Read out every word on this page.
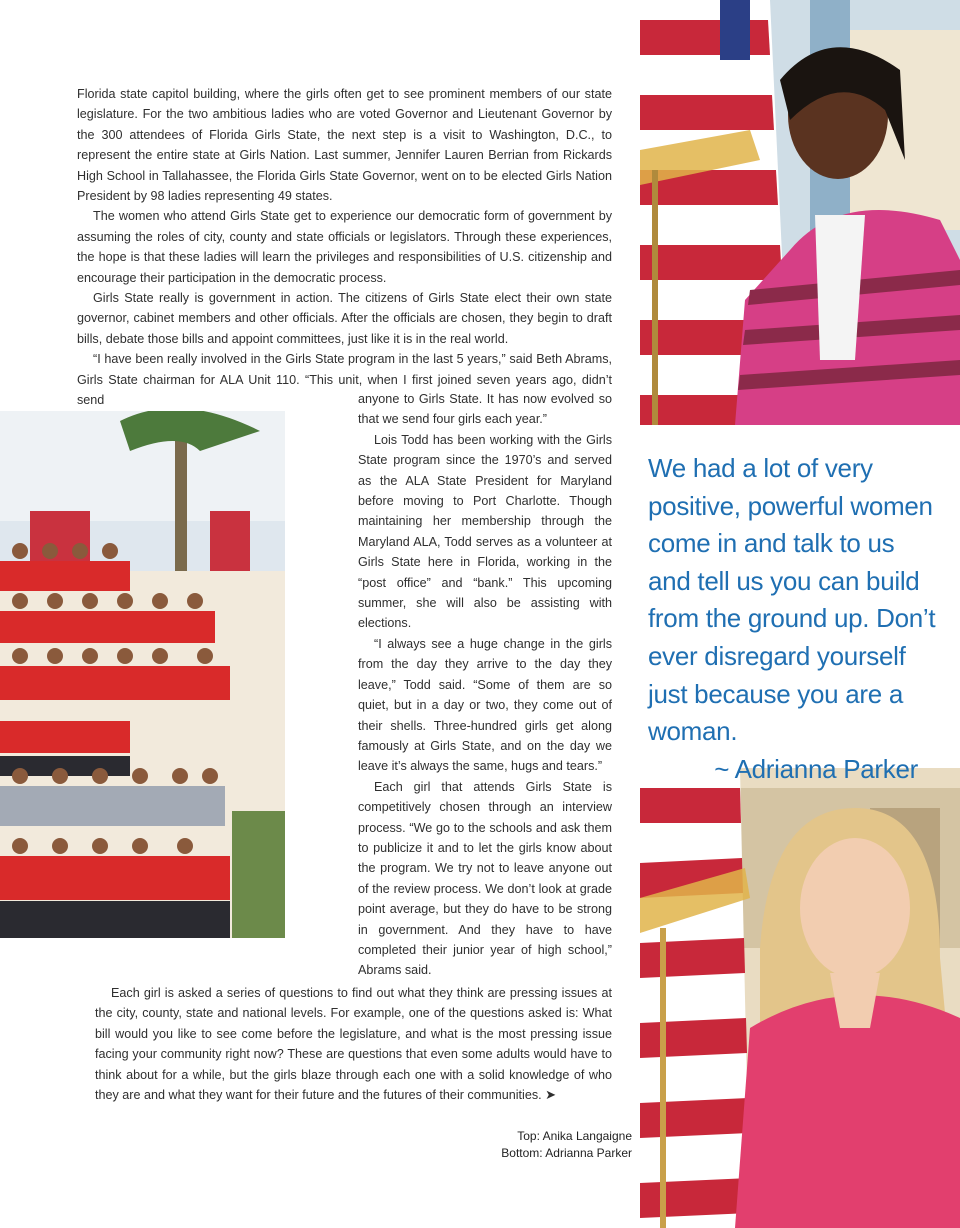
Florida state capitol building, where the girls often get to see prominent members of our state legislature. For the two ambitious ladies who are voted Governor and Lieutenant Governor by the 300 attendees of Florida Girls State, the next step is a visit to Washington, D.C., to represent the entire state at Girls Nation. Last summer, Jennifer Lauren Berrian from Rickards High School in Tallahassee, the Florida Girls State Governor, went on to be elected Girls Nation President by 98 ladies representing 49 states.

The women who attend Girls State get to experience our democratic form of government by assuming the roles of city, county and state officials or legislators. Through these experiences, the hope is that these ladies will learn the privileges and responsibilities of U.S. citizenship and encourage their participation in the democratic process.

Girls State really is government in action. The citizens of Girls State elect their own state governor, cabinet members and other officials. After the officials are chosen, they begin to draft bills, debate those bills and appoint committees, just like it is in the real world.

“I have been really involved in the Girls State program in the last 5 years,” said Beth Abrams, Girls State chairman for ALA Unit 110. “This unit, when I first joined seven years ago, didn’t send	anyone to Girls State. It has now evolved so that we send four girls each year.”

Lois Todd has been working with the Girls State program since the 1970’s and served as the ALA State President for Maryland before moving to Port Charlotte. Though maintaining her membership through the Maryland ALA, Todd serves as a volunteer at Girls State here in Florida, working in the “post office” and “bank.” This upcoming summer, she will also be assisting with elections.

“I always see a huge change in the girls from the day they arrive to the day they leave,” Todd said. “Some of them are so quiet, but in a day or two, they come out of their shells. Three-hundred girls get along famously at Girls State, and on the day we leave it’s always the same, hugs and tears.”

Each girl that attends Girls State is competitively chosen through an interview process. “We go to the schools and ask them to publicize it and to let the girls know about the program. We try not to leave anyone out of the review process. We don’t look at grade point average, but they do have to be strong in government. And they have to have completed their junior year of high school,” Abrams said.

Each girl is asked a series of questions to find out what they think are pressing issues at the city, county, state and national levels. For example, one of the questions asked is: What bill would you like to see come before the legislature, and what is the most pressing issue facing your community right now? These are questions that even some adults would have to think about for a while, but the girls blaze through each one with a solid knowledge of who they are and what they want for their future and the futures of their communities. ➤

We had a lot of very positive, powerful women come in and talk to us and tell us you can build from the ground up. Don’t ever disregard yourself just because you are a woman.
~ Adrianna Parker
Top: Anika Langaigne
Bottom: Adrianna Parker
